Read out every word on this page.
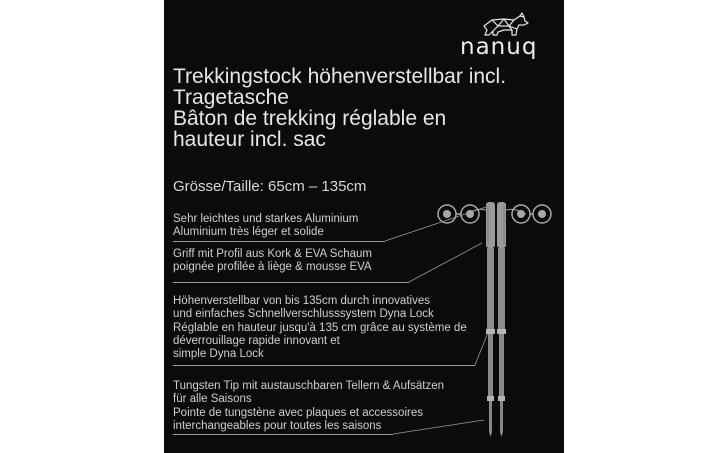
nanuq
Trekkingstock höhenverstellbar incl.
Tragetasche
Bâton de trekking réglable en
hauteur incl. sac
Grösse/Taille: 65cm – 135cm
Sehr leichtes und starkes Aluminium
Aluminium très léger et solide
Griff mit Profil aus Kork & EVA Schaum
poignée profilée à liège & mousse EVA
Höhenverstellbar von bis 135cm durch innovatives
und einfaches Schnellverschlusssystem Dyna Lock
Réglable en hauteur jusqu'à 135 cm grâce au système de
déverrouillage rapide innovant et
simple Dyna Lock
Tungsten Tip mit austauschbaren Tellern & Aufsätzen
für alle Saisons
Pointe de tungstène avec plaques et accessoires
interchangeables pour toutes les saisons
